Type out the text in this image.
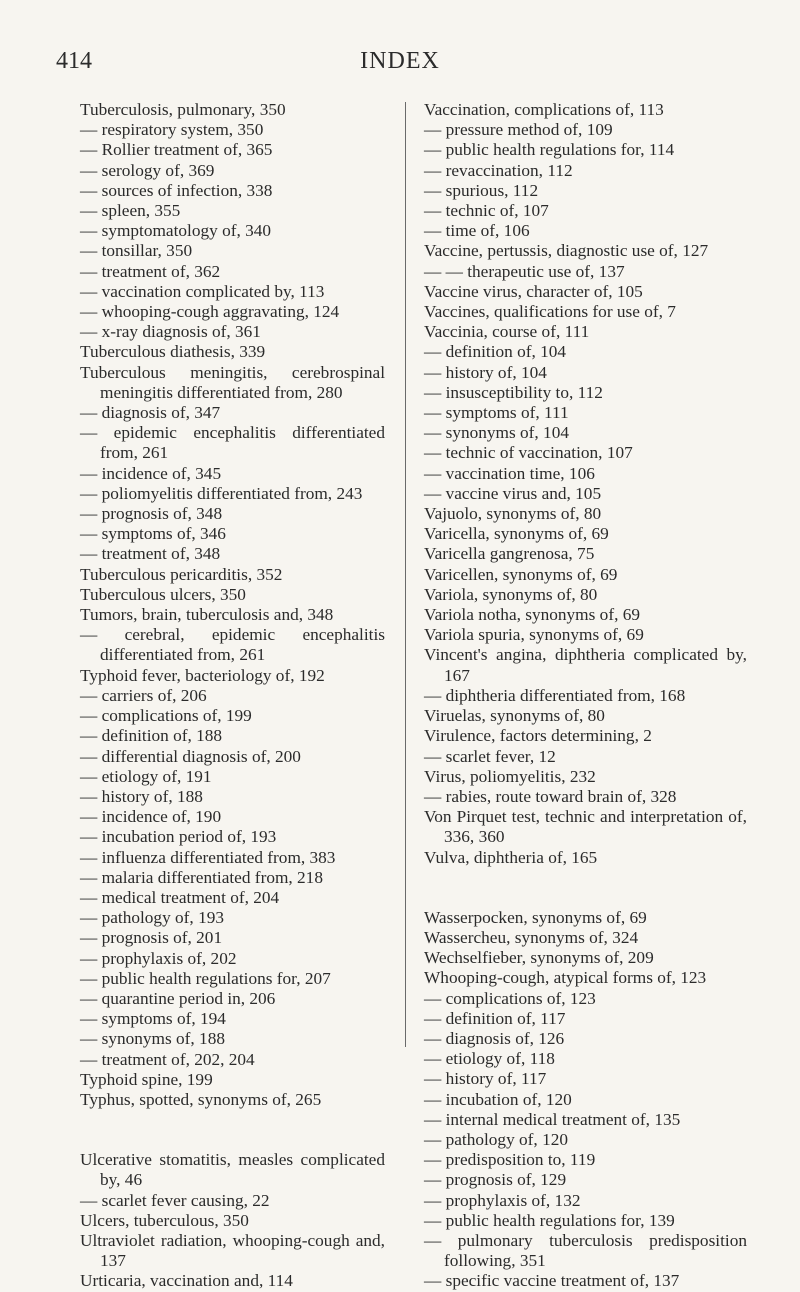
414	INDEX
Tuberculosis, pulmonary, 350
— respiratory system, 350
— Rollier treatment of, 365
— serology of, 369
— sources of infection, 338
— spleen, 355
— symptomatology of, 340
— tonsillar, 350
— treatment of, 362
— vaccination complicated by, 113
— whooping-cough aggravating, 124
— x-ray diagnosis of, 361
Tuberculous diathesis, 339
Tuberculous meningitis, cerebrospinal meningitis differentiated from, 280
— diagnosis of, 347
— epidemic encephalitis differentiated from, 261
— incidence of, 345
— poliomyelitis differentiated from, 243
— prognosis of, 348
— symptoms of, 346
— treatment of, 348
Tuberculous pericarditis, 352
Tuberculous ulcers, 350
Tumors, brain, tuberculosis and, 348
— cerebral, epidemic encephalitis differentiated from, 261
Typhoid fever, bacteriology of, 192
— carriers of, 206
— complications of, 199
— definition of, 188
— differential diagnosis of, 200
— etiology of, 191
— history of, 188
— incidence of, 190
— incubation period of, 193
— influenza differentiated from, 383
— malaria differentiated from, 218
— medical treatment of, 204
— pathology of, 193
— prognosis of, 201
— prophylaxis of, 202
— public health regulations for, 207
— quarantine period in, 206
— symptoms of, 194
— synonyms of, 188
— treatment of, 202, 204
Typhoid spine, 199
Typhus, spotted, synonyms of, 265
Ulcerative stomatitis, measles complicated by, 46
— scarlet fever causing, 22
Ulcers, tuberculous, 350
Ultraviolet radiation, whooping-cough and, 137
Urticaria, vaccination and, 114
Vaccination, complications of, 113
— pressure method of, 109
— public health regulations for, 114
— revaccination, 112
— spurious, 112
— technic of, 107
— time of, 106
Vaccine, pertussis, diagnostic use of, 127
— — therapeutic use of, 137
Vaccine virus, character of, 105
Vaccines, qualifications for use of, 7
Vaccinia, course of, 111
— definition of, 104
— history of, 104
— insusceptibility to, 112
— symptoms of, 111
— synonyms of, 104
— technic of vaccination, 107
— vaccination time, 106
— vaccine virus and, 105
Vajuolo, synonyms of, 80
Varicella, synonyms of, 69
Varicella gangrenosa, 75
Varicellen, synonyms of, 69
Variola, synonyms of, 80
Variola notha, synonyms of, 69
Variola spuria, synonyms of, 69
Vincent's angina, diphtheria complicated by, 167
— diphtheria differentiated from, 168
Viruelas, synonyms of, 80
Virulence, factors determining, 2
— scarlet fever, 12
Virus, poliomyelitis, 232
— rabies, route toward brain of, 328
Von Pirquet test, technic and interpretation of, 336, 360
Vulva, diphtheria of, 165
Wasserpocken, synonyms of, 69
Wassercheu, synonyms of, 324
Wechselfieber, synonyms of, 209
Whooping-cough, atypical forms of, 123
— complications of, 123
— definition of, 117
— diagnosis of, 126
— etiology of, 118
— history of, 117
— incubation of, 120
— internal medical treatment of, 135
— pathology of, 120
— predisposition to, 119
— prognosis of, 129
— prophylaxis of, 132
— public health regulations for, 139
— pulmonary tuberculosis predisposition following, 351
— specific vaccine treatment of, 137
